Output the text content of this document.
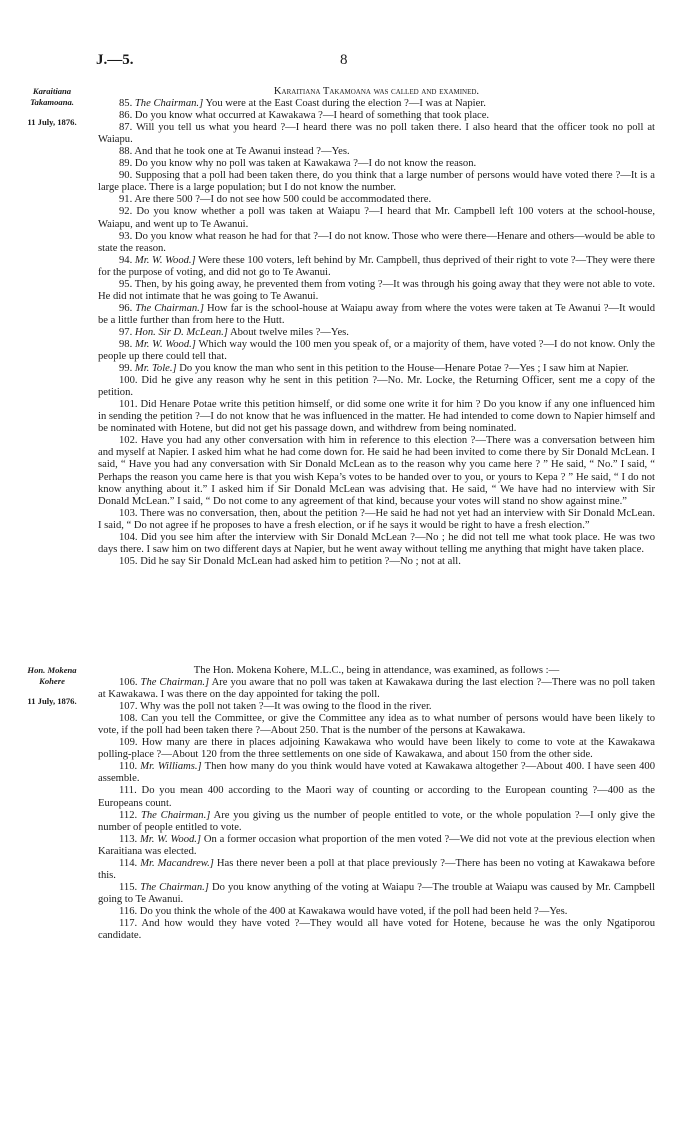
J.—5.	8
Karaitiana
Takamoana.
11 July, 1876.

Karaitiana Takamoana was called and examined.

85. The Chairman.] You were at the East Coast during the election ?—I was at Napier.

86. Do you know what occurred at Kawakawa ?—I heard of something that took place.

87. Will you tell us what you heard ?—I heard there was no poll taken there. I also heard that the officer took no poll at Waiapu.

88. And that he took one at Te Awanui instead ?—Yes.

89. Do you know why no poll was taken at Kawakawa ?—I do not know the reason.

90. Supposing that a poll had been taken there, do you think that a large number of persons would have voted there ?—It is a large place. There is a large population; but I do not know the number.

91. Are there 500 ?—I do not see how 500 could be accommodated there.

92. Do you know whether a poll was taken at Waiapu ?—I heard that Mr. Campbell left 100 voters at the school-house, Waiapu, and went up to Te Awanui.

93. Do you know what reason he had for that ?—I do not know. Those who were there—Henare and others—would be able to state the reason.

94. Mr. W. Wood.] Were these 100 voters, left behind by Mr. Campbell, thus deprived of their right to vote ?—They were there for the purpose of voting, and did not go to Te Awanui.

95. Then, by his going away, he prevented them from voting ?—It was through his going away that they were not able to vote. He did not intimate that he was going to Te Awanui.

96. The Chairman.] How far is the school-house at Waiapu away from where the votes were taken at Te Awanui ?—It would be a little further than from here to the Hutt.

97. Hon. Sir D. McLean.] About twelve miles ?—Yes.

98. Mr. W. Wood.] Which way would the 100 men you speak of, or a majority of them, have voted ?—I do not know. Only the people up there could tell that.

99. Mr. Tole.] Do you know the man who sent in this petition to the House—Henare Potae ?—Yes ; I saw him at Napier.

100. Did he give any reason why he sent in this petition ?—No. Mr. Locke, the Returning Officer, sent me a copy of the petition.

101. Did Henare Potae write this petition himself, or did some one write it for him ? Do you know if any one influenced him in sending the petition ?—I do not know that he was influenced in the matter. He had intended to come down to Napier himself and be nominated with Hotene, but did not get his passage down, and withdrew from being nominated.

102. Have you had any other conversation with him in reference to this election ?—There was a conversation between him and myself at Napier. I asked him what he had come down for. He said he had been invited to come there by Sir Donald McLean. I said, “ Have you had any conversation with Sir Donald McLean as to the reason why you came here ? ” He said, “ No.” I said, “ Perhaps the reason you came here is that you wish Kepa’s votes to be handed over to you, or yours to Kepa ? ” He said, “ I do not know anything about it.” I asked him if Sir Donald McLean was advising that. He said, “ We have had no interview with Sir Donald McLean.” I said, “ Do not come to any agreement of that kind, because your votes will stand no show against mine.”

103. There was no conversation, then, about the petition ?—He said he had not yet had an interview with Sir Donald McLean. I said, “ Do not agree if he proposes to have a fresh election, or if he says it would be right to have a fresh election.”

104. Did you see him after the interview with Sir Donald McLean ?—No ; he did not tell me what took place. He was two days there. I saw him on two different days at Napier, but he went away without telling me anything that might have taken place.

105. Did he say Sir Donald McLean had asked him to petition ?—No ; not at all.

Hon. Mokena
Kohere
11 July, 1876.

The Hon. Mokena Kohere, M.L.C., being in attendance, was examined, as follows :—

106. The Chairman.] Are you aware that no poll was taken at Kawakawa during the last election ?—There was no poll taken at Kawakawa. I was there on the day appointed for taking the poll.

107. Why was the poll not taken ?—It was owing to the flood in the river.

108. Can you tell the Committee, or give the Committee any idea as to what number of persons would have been likely to vote, if the poll had been taken there ?—About 250. That is the number of the persons at Kawakawa.

109. How many are there in places adjoining Kawakawa who would have been likely to come to vote at the Kawakawa polling-place ?—About 120 from the three settlements on one side of Kawakawa, and about 150 from the other side.

110. Mr. Williams.] Then how many do you think would have voted at Kawakawa altogether ?—About 400. I have seen 400 assemble.

111. Do you mean 400 according to the Maori way of counting or according to the European counting ?—400 as the Europeans count.

112. The Chairman.] Are you giving us the number of people entitled to vote, or the whole population ?—I only give the number of people entitled to vote.

113. Mr. W. Wood.] On a former occasion what proportion of the men voted ?—We did not vote at the previous election when Karaitiana was elected.

114. Mr. Macandrew.] Has there never been a poll at that place previously ?—There has been no voting at Kawakawa before this.

115. The Chairman.] Do you know anything of the voting at Waiapu ?—The trouble at Waiapu was caused by Mr. Campbell going to Te Awanui.

116. Do you think the whole of the 400 at Kawakawa would have voted, if the poll had been held ?—Yes.

117. And how would they have voted ?—They would all have voted for Hotene, because he was the only Ngatiporou candidate.
